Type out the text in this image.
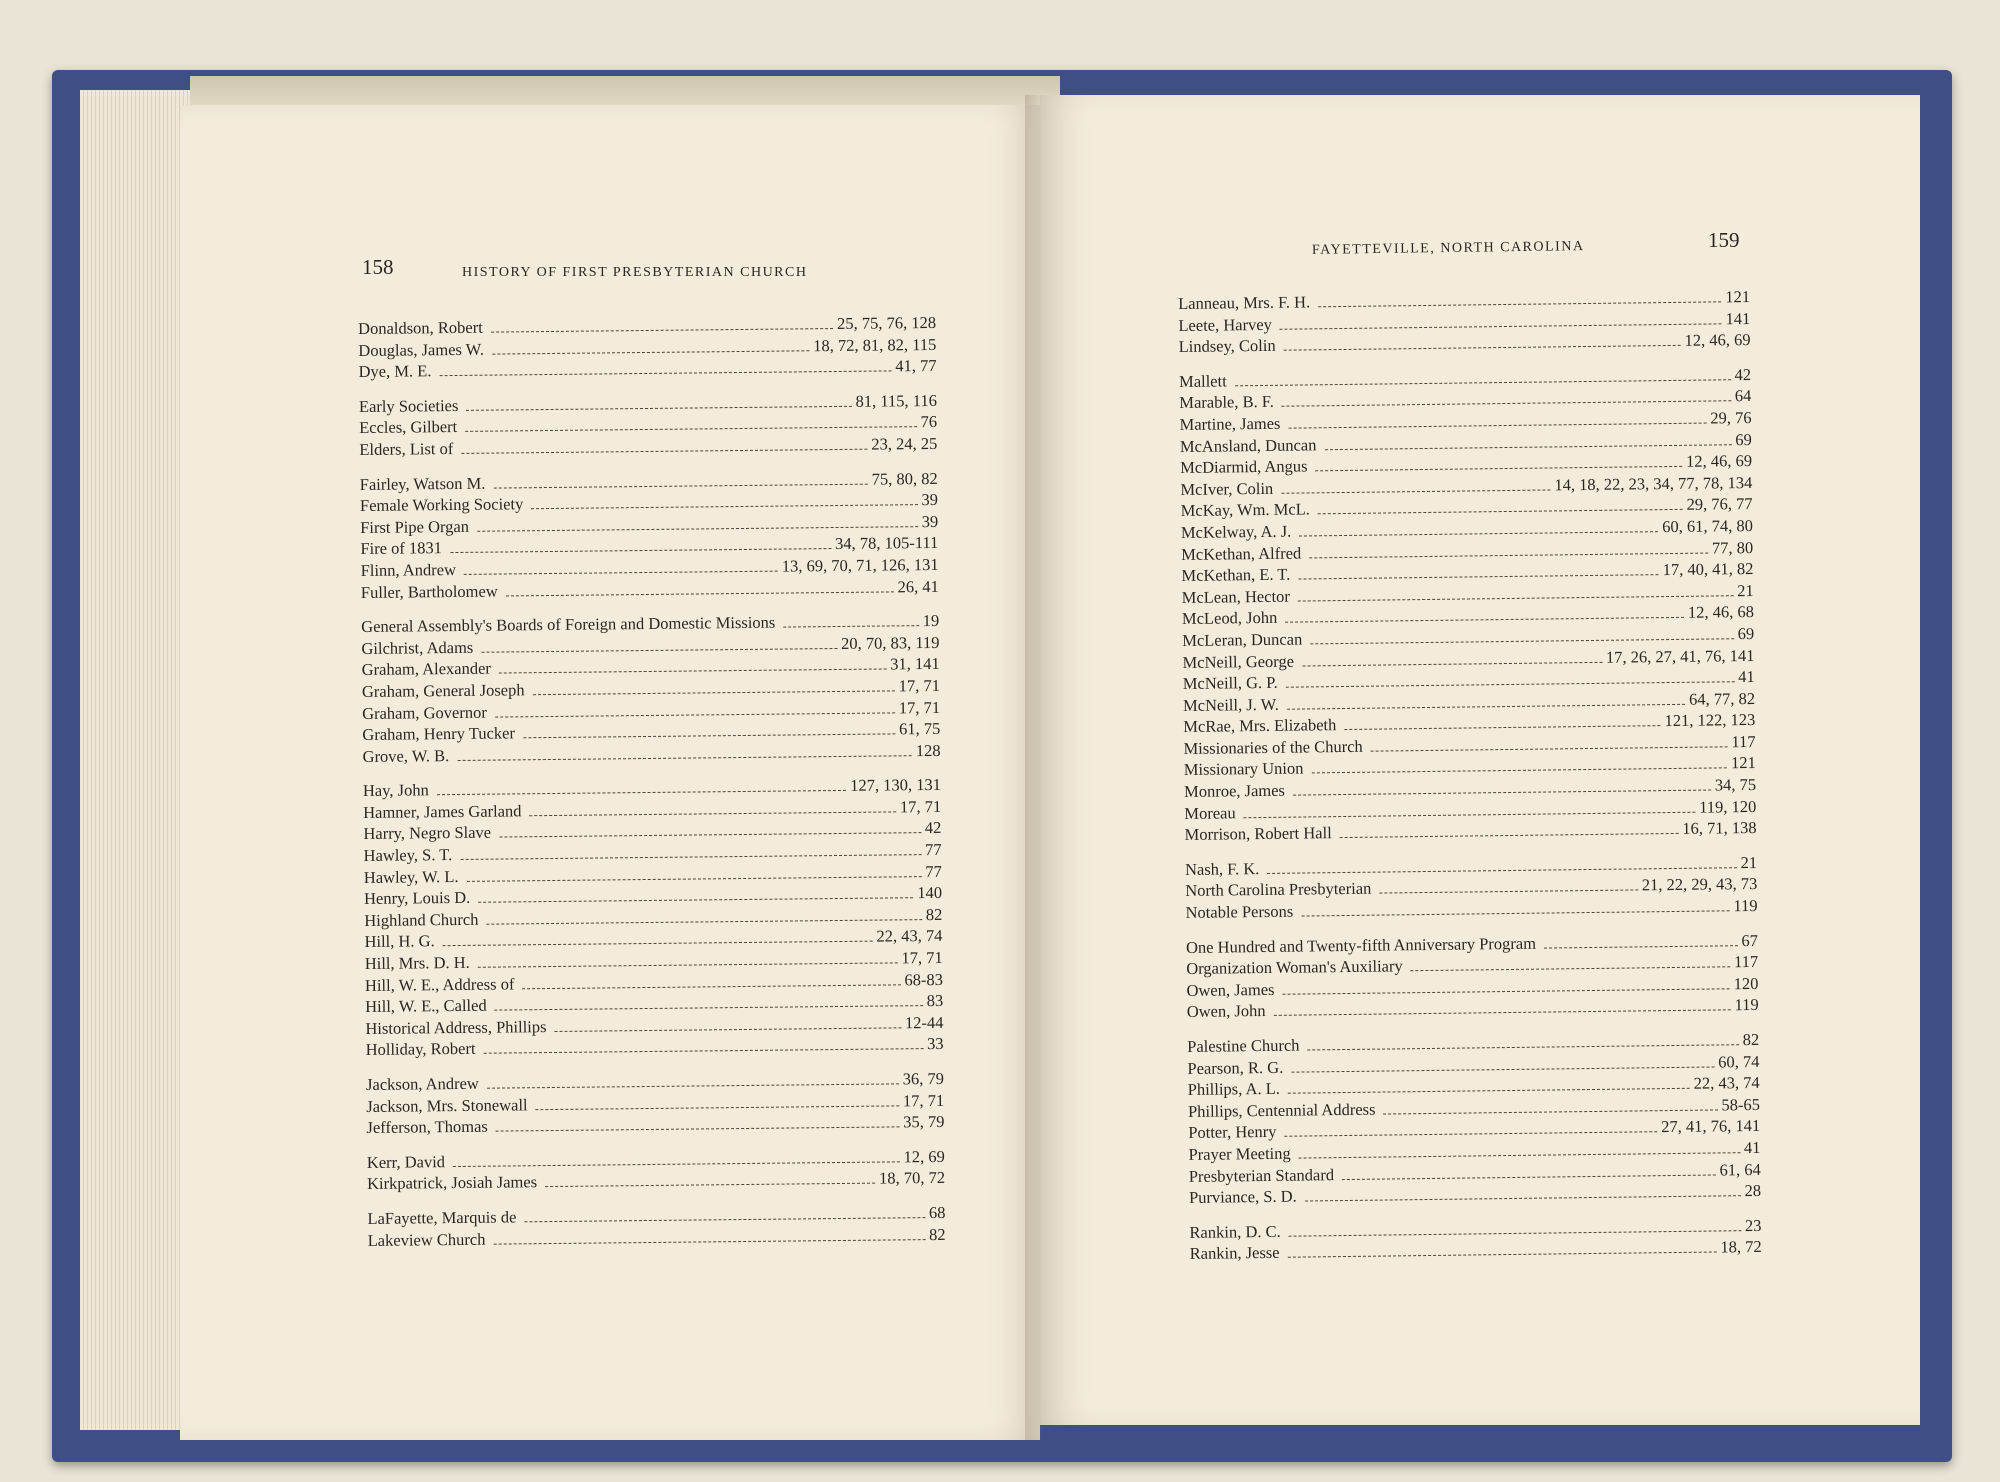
158	HISTORY OF FIRST PRESBYTERIAN CHURCH
FAYETTEVILLE, NORTH CAROLINA	159
Donaldson, Robert	25, 75, 76, 128
Douglas, James W.	18, 72, 81, 82, 115
Dye, M. E.	41, 77
Early Societies	81, 115, 116
Eccles, Gilbert	76
Elders, List of	23, 24, 25
Fairley, Watson M.	75, 80, 82
Female Working Society	39
First Pipe Organ	39
Fire of 1831	34, 78, 105-111
Flinn, Andrew	13, 69, 70, 71, 126, 131
Fuller, Bartholomew	26, 41
General Assembly's Boards of Foreign and Domestic Missions	19
Gilchrist, Adams	20, 70, 83, 119
Graham, Alexander	31, 141
Graham, General Joseph	17, 71
Graham, Governor	17, 71
Graham, Henry Tucker	61, 75
Grove, W. B.	128
Hay, John	127, 130, 131
Hamner, James Garland	17, 71
Harry, Negro Slave	42
Hawley, S. T.	77
Hawley, W. L.	77
Henry, Louis D.	140
Highland Church	82
Hill, H. G.	22, 43, 74
Hill, Mrs. D. H.	17, 71
Hill, W. E., Address of	68-83
Hill, W. E., Called	83
Historical Address, Phillips	12-44
Holliday, Robert	33
Jackson, Andrew	36, 79
Jackson, Mrs. Stonewall	17, 71
Jefferson, Thomas	35, 79
Kerr, David	12, 69
Kirkpatrick, Josiah James	18, 70, 72
LaFayette, Marquis de	68
Lakeview Church	82
Lanneau, Mrs. F. H.	121
Leete, Harvey	141
Lindsey, Colin	12, 46, 69
Mallett	42
Marable, B. F.	64
Martine, James	29, 76
McAnsland, Duncan	69
McDiarmid, Angus	12, 46, 69
McIver, Colin	14, 18, 22, 23, 34, 77, 78, 134
McKay, Wm. McL.	29, 76, 77
McKelway, A. J.	60, 61, 74, 80
McKethan, Alfred	77, 80
McKethan, E. T.	17, 40, 41, 82
McLean, Hector	21
McLeod, John	12, 46, 68
McLeran, Duncan	69
McNeill, George	17, 26, 27, 41, 76, 141
McNeill, G. P.	41
McNeill, J. W.	64, 77, 82
McRae, Mrs. Elizabeth	121, 122, 123
Missionaries of the Church	117
Missionary Union	121
Monroe, James	34, 75
Moreau	119, 120
Morrison, Robert Hall	16, 71, 138
Nash, F. K.	21
North Carolina Presbyterian	21, 22, 29, 43, 73
Notable Persons	119
One Hundred and Twenty-fifth Anniversary Program	67
Organization Woman's Auxiliary	117
Owen, James	120
Owen, John	119
Palestine Church	82
Pearson, R. G.	60, 74
Phillips, A. L.	22, 43, 74
Phillips, Centennial Address	58-65
Potter, Henry	27, 41, 76, 141
Prayer Meeting	41
Presbyterian Standard	61, 64
Purviance, S. D.	28
Rankin, D. C.	23
Rankin, Jesse	18, 72
